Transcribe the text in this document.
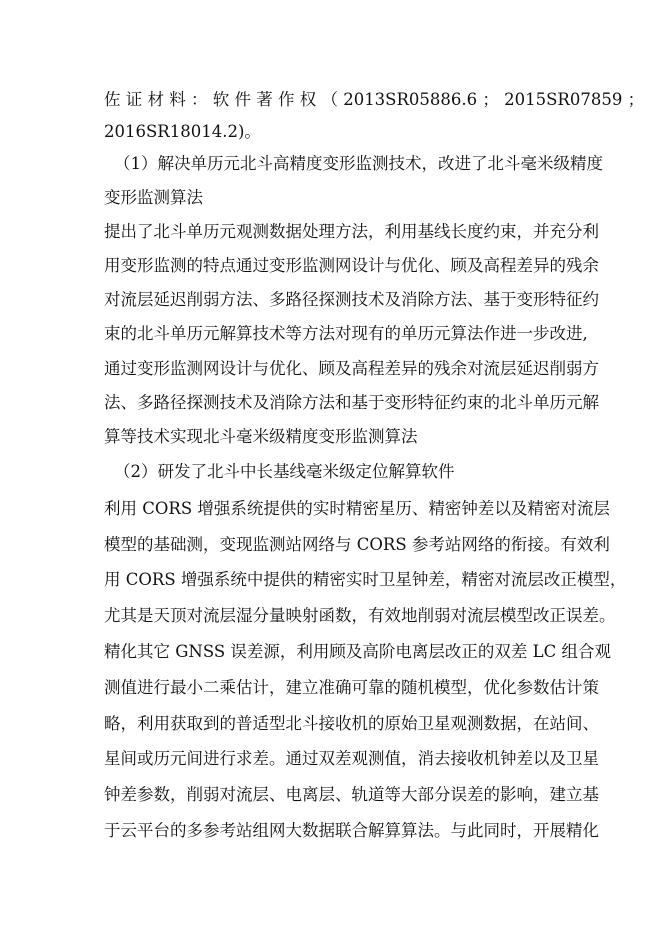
佐 证 材 料 ： 软 件 著 作 权 （ 2013SR05886.6 ； 2015SR07859 ；
2016SR18014.2)。
（1）解决单历元北斗高精度变形监测技术，改进了北斗毫米级精度
变形监测算法
提出了北斗单历元观测数据处理方法，利用基线长度约束，并充分利
用变形监测的特点通过变形监测网设计与优化、顾及高程差异的残余
对流层延迟削弱方法、多路径探测技术及消除方法、基于变形特征约
束的北斗单历元解算技术等方法对现有的单历元算法作进一步改进,
通过变形监测网设计与优化、顾及高程差异的残余对流层延迟削弱方
法、多路径探测技术及消除方法和基于变形特征约束的北斗单历元解
算等技术实现北斗毫米级精度变形监测算法
（2）研发了北斗中长基线毫米级定位解算软件
利用 CORS 增强系统提供的实时精密星历、精密钟差以及精密对流层
模型的基础测，变现监测站网络与 CORS 参考站网络的衔接。有效利
用 CORS 增强系统中提供的精密实时卫星钟差，精密对流层改正模型，
尤其是天顶对流层湿分量映射函数，有效地削弱对流层模型改正误差。
精化其它 GNSS 误差源，利用顾及高阶电离层改正的双差 LC 组合观
测值进行最小二乘估计，建立准确可靠的随机模型，优化参数估计策
略，利用获取到的普适型北斗接收机的原始卫星观测数据，在站间、
星间或历元间进行求差。通过双差观测值，消去接收机钟差以及卫星
钟差参数，削弱对流层、电离层、轨道等大部分误差的影响，建立基
于云平台的多参考站组网大数据联合解算算法。与此同时，开展精化
